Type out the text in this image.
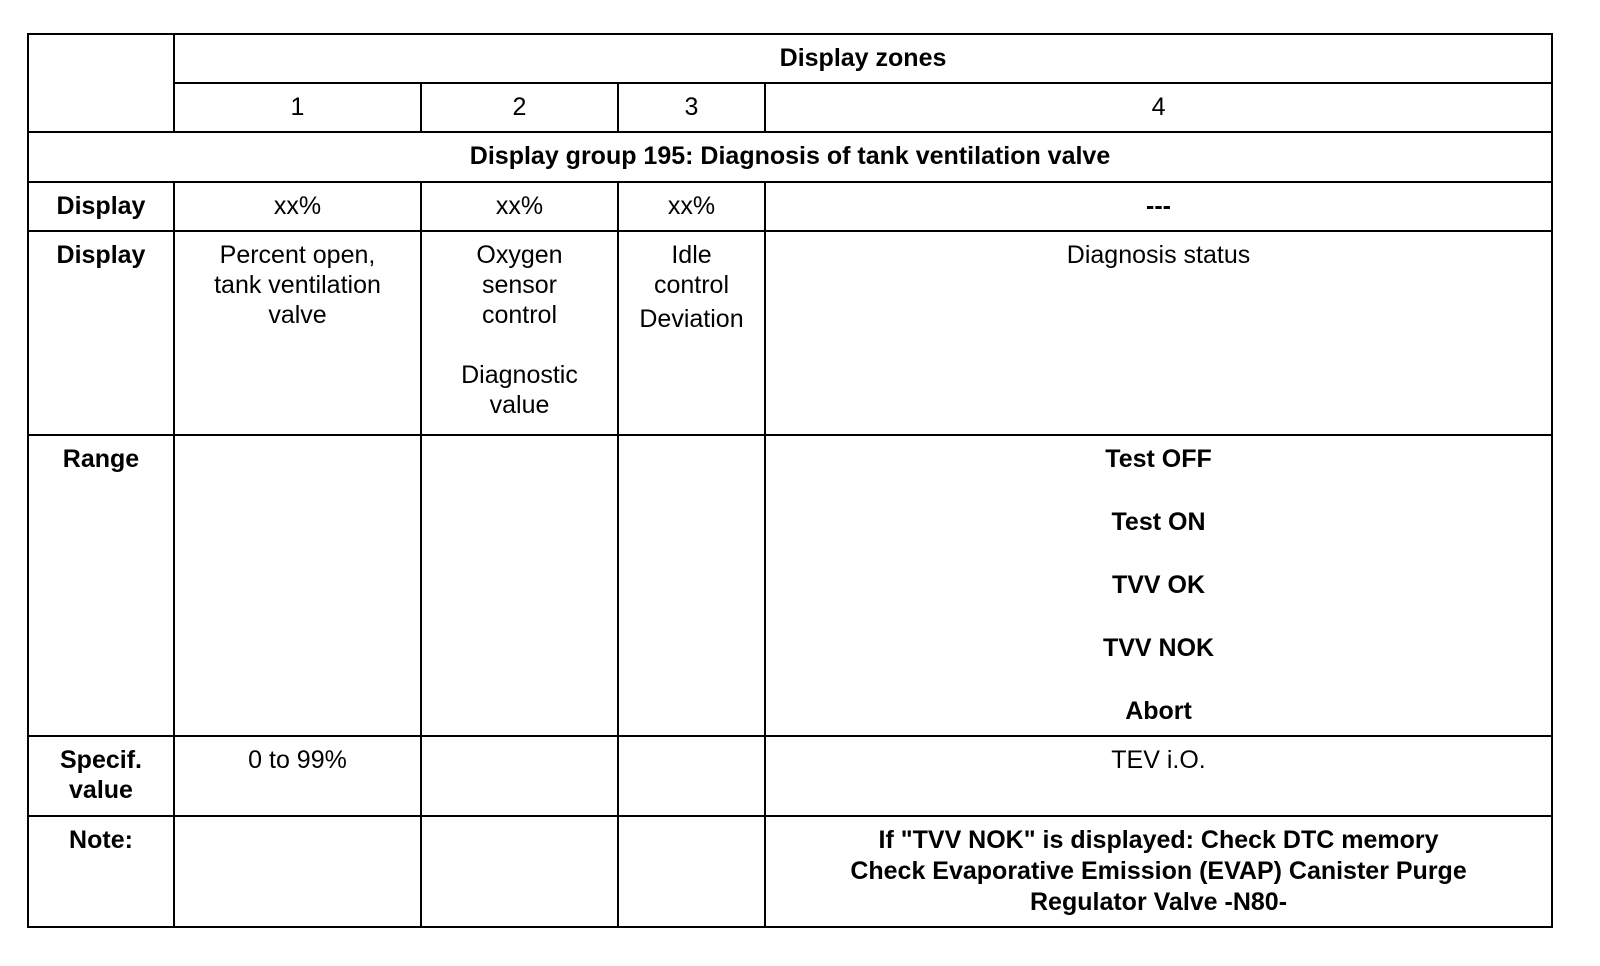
	Display zones			
	1	2	3	4
Display group 195: Diagnosis of tank ventilation valve				
Display	xx%	xx%	xx%	---
Display	Percent open,
tank ventilation
valve	Oxygen
sensor
control
Diagnostic
value	Idle
control
Deviation	Diagnosis status
Range				Test OFF
Test ON
TVV OK
TVV NOK
Abort

Specif.
value	0 to 99%			TEV i.O.
Note:				If "TVV NOK" is displayed: Check DTC memory
Check Evaporative Emission (EVAP) Canister Purge
Regulator Valve -N80-
